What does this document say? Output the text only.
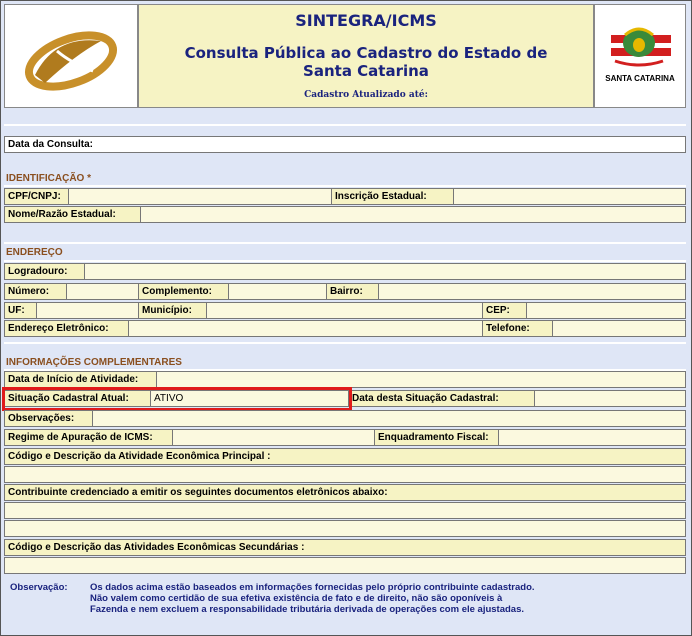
SINTEGRA/ICMS
Consulta Pública ao Cadastro do Estado de
Santa Catarina
Cadastro Atualizado até:
SANTA CATARINA
Data da Consulta:
IDENTIFICAÇÃO *
CPF/CNPJ:	Inscrição Estadual:
Nome/Razão Estadual:
ENDEREÇO
Logradouro:
Número:	Complemento:	Bairro:
UF:	Município:	CEP:
Endereço Eletrônico:	Telefone:
INFORMAÇÕES COMPLEMENTARES
Data de Início de Atividade:
Situação Cadastral Atual:	ATIVO	Data desta Situação Cadastral:
Observações:
Regime de Apuração de ICMS:	Enquadramento Fiscal:
Código e Descrição da Atividade Econômica Principal :
Contribuinte credenciado a emitir os seguintes documentos eletrônicos abaixo:
Código e Descrição das Atividades Econômicas Secundárias :
Observação: Os dados acima estão baseados em informações fornecidas pelo próprio contribuinte cadastrado.
Não valem como certidão de sua efetiva existência de fato e de direito, não são oponíveis à
Fazenda e nem excluem a responsabilidade tributária derivada de operações com ele ajustadas.
